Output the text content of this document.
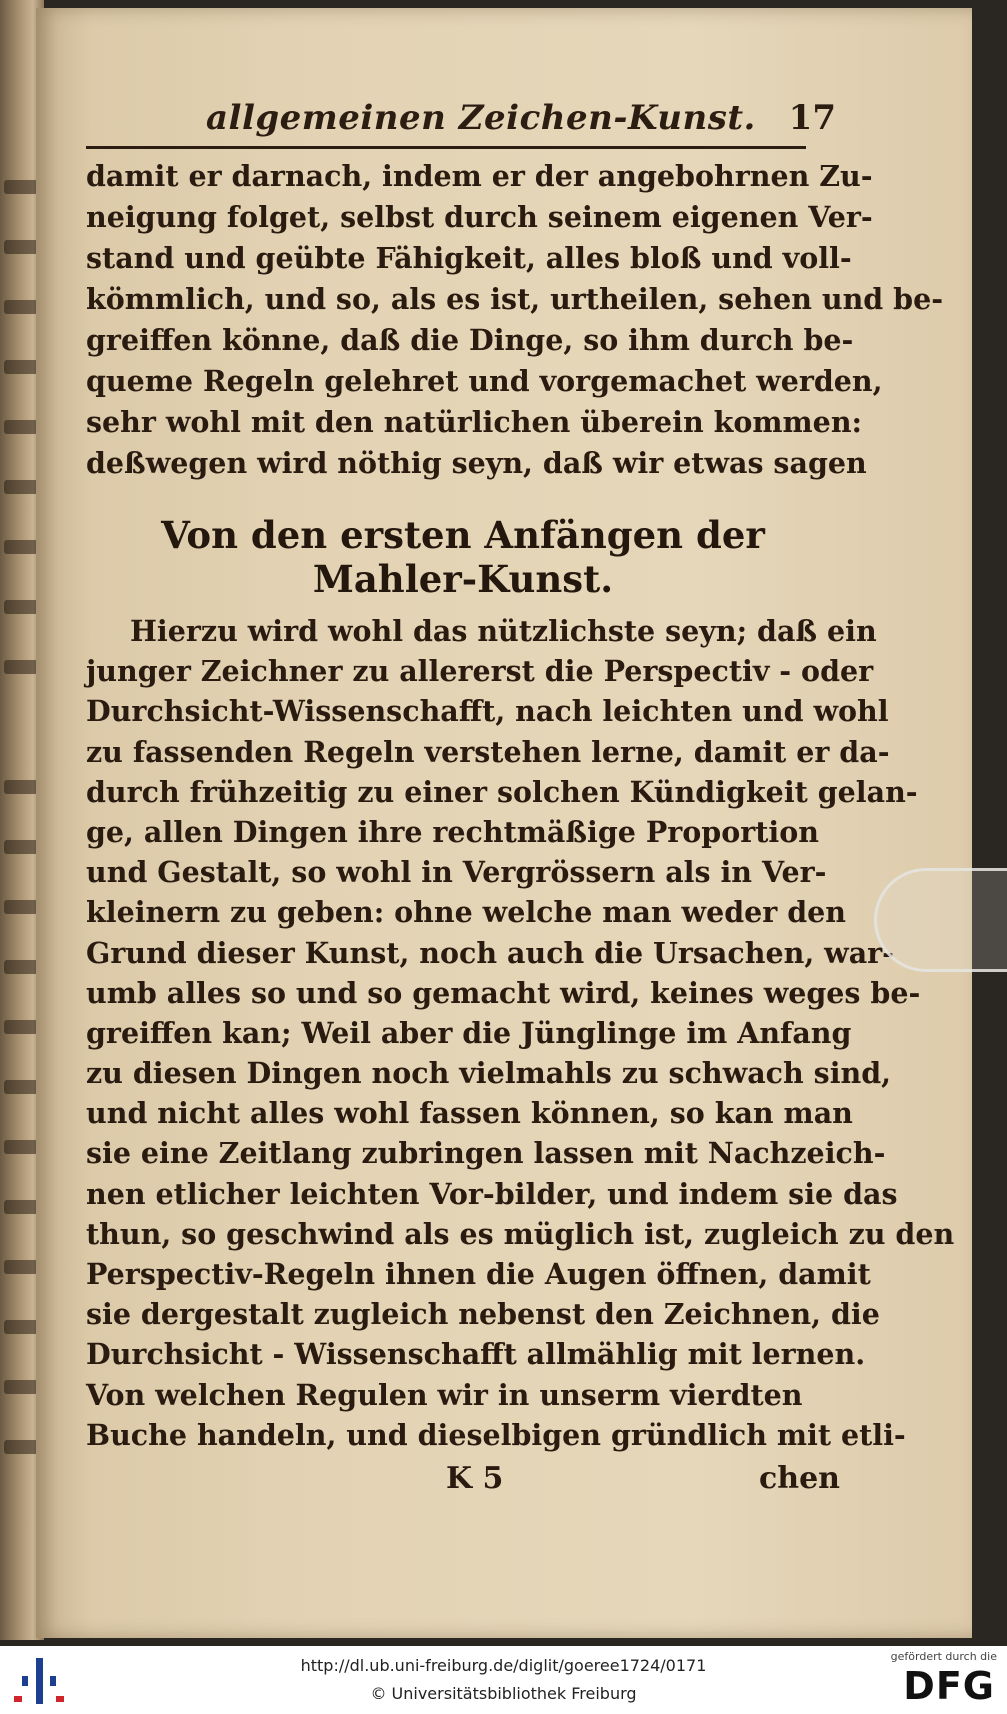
allgemeinen Zeichen-Kunst. 17
damit er darnach, indem er der angebohrnen Zu-
neigung folget, selbst durch seinem eigenen Ver-
stand und geübte Fähigkeit, alles bloß und voll-
kömmlich, und so, als es ist, urtheilen, sehen und be-
greiffen könne, daß die Dinge, so ihm durch be-
queme Regeln gelehret und vorgemachet werden,
sehr wohl mit den natürlichen überein kommen:
deßwegen wird nöthig seyn, daß wir etwas sagen
Von den ersten Anfängen der
Mahler-Kunst.
Hierzu wird wohl das nützlichste seyn; daß ein
junger Zeichner zu allererst die Perspectiv - oder
Durchsicht-Wissenschafft, nach leichten und wohl
zu fassenden Regeln verstehen lerne, damit er da-
durch frühzeitig zu einer solchen Kündigkeit gelan-
ge, allen Dingen ihre rechtmäßige Proportion
und Gestalt, so wohl in Vergrössern als in Ver-
kleinern zu geben: ohne welche man weder den
Grund dieser Kunst, noch auch die Ursachen, war-
umb alles so und so gemacht wird, keines weges be-
greiffen kan; Weil aber die Jünglinge im Anfang
zu diesen Dingen noch vielmahls zu schwach sind,
und nicht alles wohl fassen können, so kan man
sie eine Zeitlang zubringen lassen mit Nachzeich-
nen etlicher leichten Vor-bilder, und indem sie das
thun, so geschwind als es müglich ist, zugleich zu den
Perspectiv-Regeln ihnen die Augen öffnen, damit
sie dergestalt zugleich nebenst den Zeichnen, die
Durchsicht - Wissenschafft allmählig mit lernen.
Von welchen Regulen wir in unserm vierdten
Buche handeln, und dieselbigen gründlich mit etli-
K 5	chen
http://dl.ub.uni-freiburg.de/diglit/goeree1724/0171
© Universitätsbibliothek Freiburg
gefördert durch die
DFG
